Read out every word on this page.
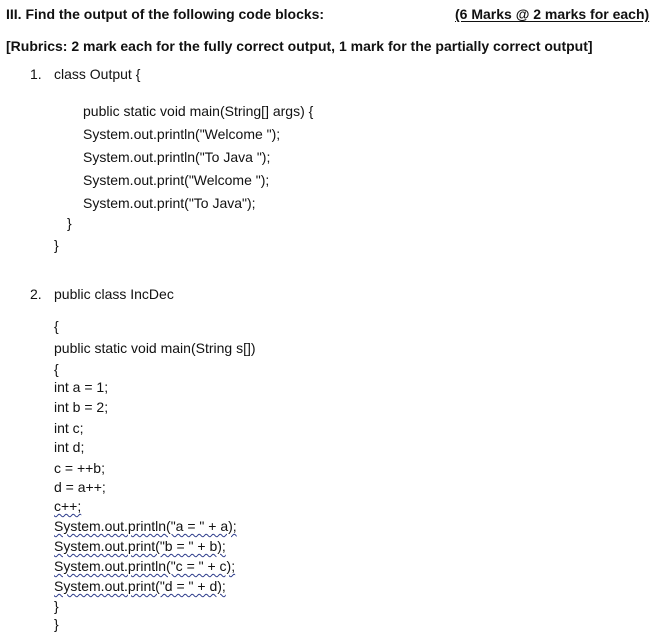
III. Find the output of the following code blocks:	(6 Marks @ 2 marks for each)
[Rubrics: 2 mark each for the fully correct output, 1 mark for the partially correct output]
1. class Output {
public static void main(String[] args) {
System.out.println("Welcome ");
System.out.println("To Java ");
System.out.print("Welcome ");
System.out.print("To Java");
}
}
2. public class IncDec
{
public static void main(String s[])
{
int a = 1;
int b = 2;
int c;
int d;
c = ++b;
d = a++;
c++;
System.out.println("a = " + a);
System.out.print("b = " + b);
System.out.println("c = " + c);
System.out.print("d = " + d);
}
}
